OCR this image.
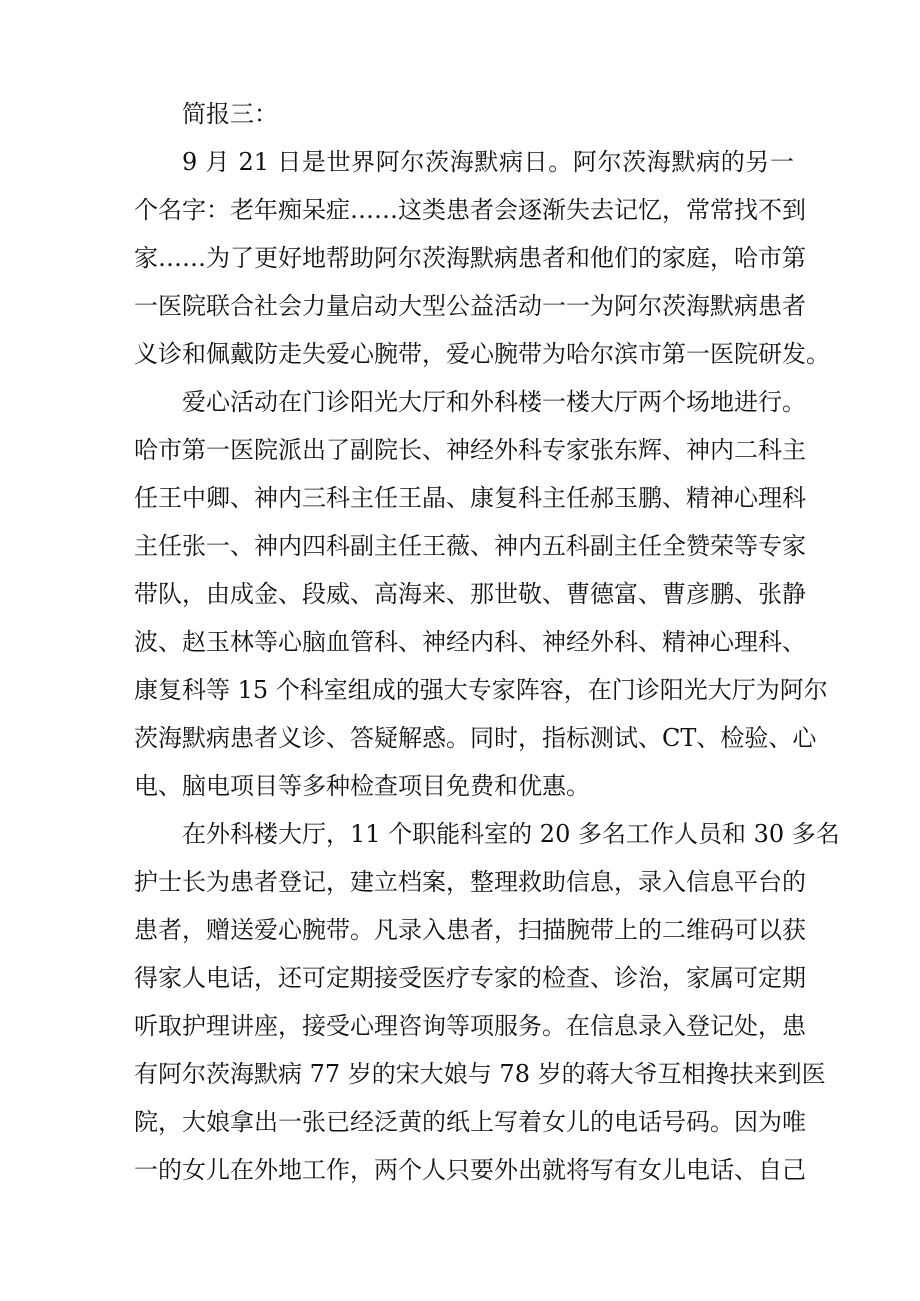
简报三：
9 月 21 日是世界阿尔茨海默病日。阿尔茨海默病的另一
个名字：老年痴呆症……这类患者会逐渐失去记忆，常常找不到
家……为了更好地帮助阿尔茨海默病患者和他们的家庭，哈市第
一医院联合社会力量启动大型公益活动一一为阿尔茨海默病患者
义诊和佩戴防走失爱心腕带，爱心腕带为哈尔滨市第一医院研发。
爱心活动在门诊阳光大厅和外科楼一楼大厅两个场地进行。
哈市第一医院派出了副院长、神经外科专家张东辉、神内二科主
任王中卿、神内三科主任王晶、康复科主任郝玉鹏、精神心理科
主任张一、神内四科副主任王薇、神内五科副主任全赞荣等专家
带队，由成金、段威、高海来、那世敬、曹德富、曹彦鹏、张静
波、赵玉林等心脑血管科、神经内科、神经外科、精神心理科、
康复科等 15 个科室组成的强大专家阵容，在门诊阳光大厅为阿尔
茨海默病患者义诊、答疑解惑。同时，指标测试、CT、检验、心
电、脑电项目等多种检查项目免费和优惠。
在外科楼大厅，11 个职能科室的 20 多名工作人员和 30 多名
护士长为患者登记，建立档案，整理救助信息，录入信息平台的
患者，赠送爱心腕带。凡录入患者，扫描腕带上的二维码可以获
得家人电话，还可定期接受医疗专家的检查、诊治，家属可定期
听取护理讲座，接受心理咨询等项服务。在信息录入登记处，患
有阿尔茨海默病 77 岁的宋大娘与 78 岁的蒋大爷互相搀扶来到医
院，大娘拿出一张已经泛黄的纸上写着女儿的电话号码。因为唯
一的女儿在外地工作，两个人只要外出就将写有女儿电话、自己
